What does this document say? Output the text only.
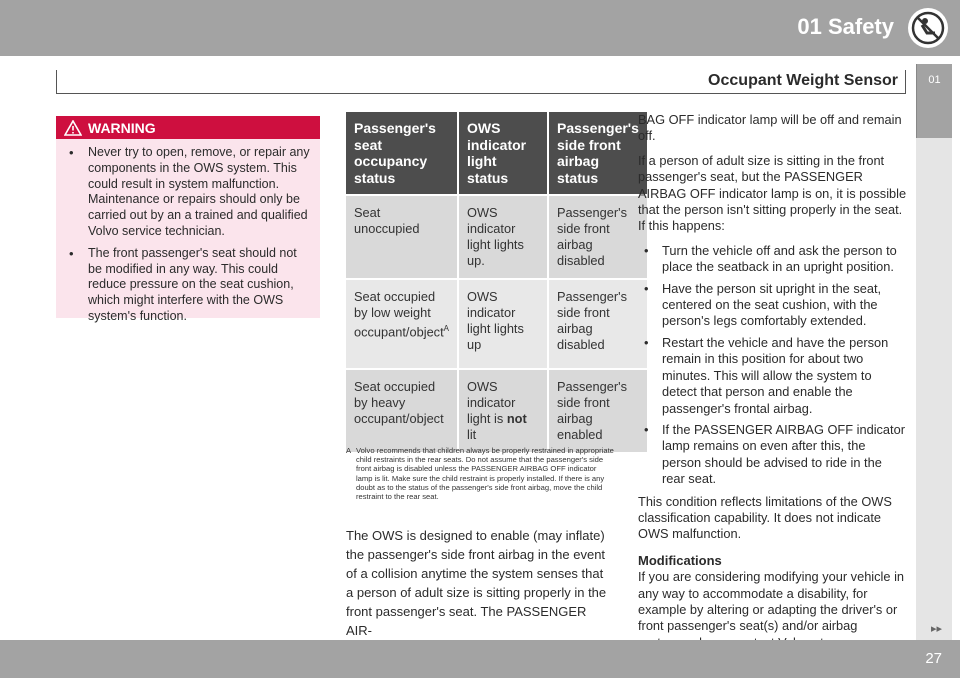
01 Safety
Occupant Weight Sensor	01
WARNING
• Never try to open, remove, or repair any components in the OWS system. This could result in system malfunction. Maintenance or repairs should only be carried out by an a trained and qualified Volvo service technician.
• The front passenger's seat should not be modified in any way. This could reduce pressure on the seat cushion, which might interfere with the OWS system's function.
Passenger's seat occupancy status	OWS indicator light status	Passenger's side front airbag status
Seat unoccupied	OWS indicator light lights up.	Passenger's side front airbag disabled
Seat occupied by low weight occupant/object$^A$	OWS indicator light lights up	Passenger's side front airbag disabled
Seat occupied by heavy occupant/object	OWS indicator light is not lit	Passenger's side front airbag enabled
A Volvo recommends that children always be properly restrained in appropriate child restraints in the rear seats. Do not assume that the passenger's side front airbag is disabled unless the PASSENGER AIRBAG OFF indicator lamp is lit. Make sure the child restraint is properly installed. If there is any doubt as to the status of the passenger's side front airbag, move the child restraint to the rear seat.
The OWS is designed to enable (may inflate) the passenger's side front airbag in the event of a collision anytime the system senses that a person of adult size is sitting properly in the front passenger's seat. The PASSENGER AIR-

BAG OFF indicator lamp will be off and remain off.

If a person of adult size is sitting in the front passenger's seat, but the PASSENGER AIRBAG OFF indicator lamp is on, it is possible that the person isn't sitting properly in the seat. If this happens:

• Turn the vehicle off and ask the person to place the seatback in an upright position.
• Have the person sit upright in the seat, centered on the seat cushion, with the person's legs comfortably extended.
• Restart the vehicle and have the person remain in this position for about two minutes. This will allow the system to detect that person and enable the passenger's frontal airbag.
• If the PASSENGER AIRBAG OFF indicator lamp remains on even after this, the person should be advised to ride in the rear seat.

This condition reflects limitations of the OWS classification capability. It does not indicate OWS malfunction.

Modifications

If you are considering modifying your vehicle in any way to accommodate a disability, for example by altering or adapting the driver's or front passenger's seat(s) and/or airbag	▸▸
27
